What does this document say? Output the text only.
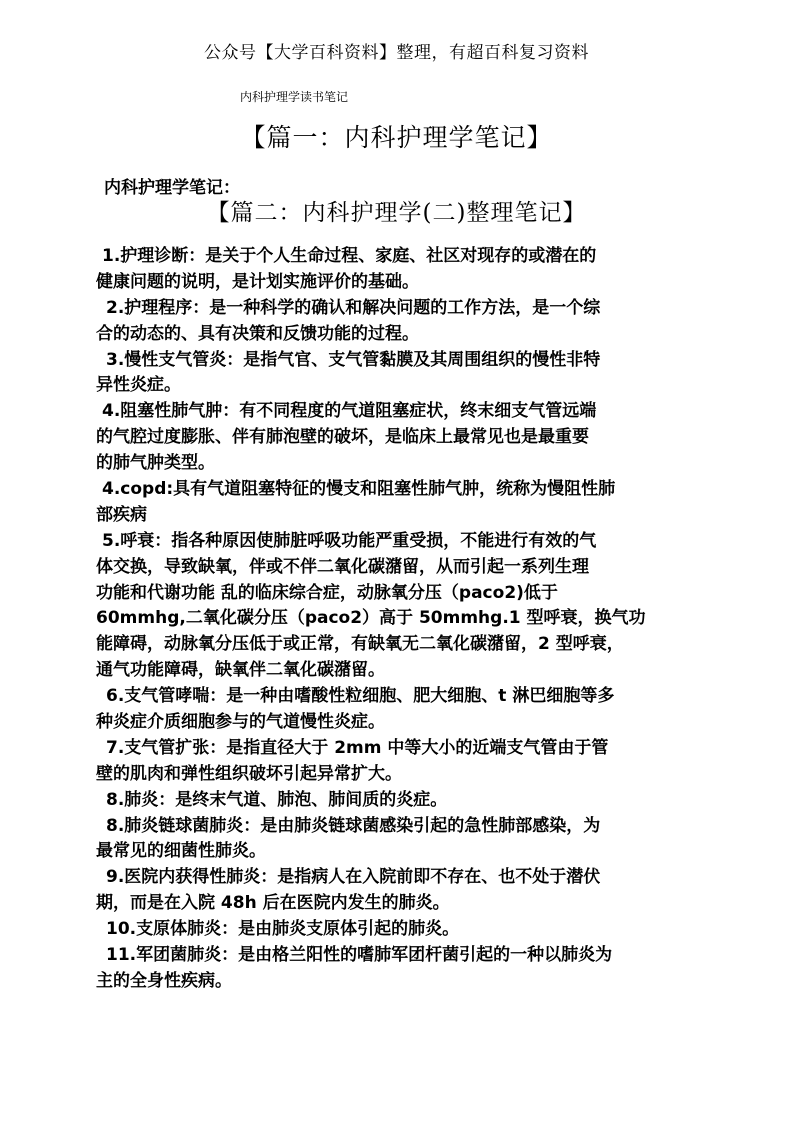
公众号【大学百科资料】整理，有超百科复习资料
内科护理学读书笔记
【篇一：内科护理学笔记】
内科护理学笔记：
【篇二：内科护理学(二)整理笔记】
1.护理诊断：是关于个人生命过程、家庭、社区对现存的或潜在的
健康问题的说明，是计划实施评价的基础。
2.护理程序：是一种科学的确认和解决问题的工作方法，是一个综
合的动态的、具有决策和反馈功能的过程。
3.慢性支气管炎：是指气官、支气管黏膜及其周围组织的慢性非特
异性炎症。
4.阻塞性肺气肿：有不同程度的气道阻塞症状，终末细支气管远端
的气腔过度膨胀、伴有肺泡壁的破坏，是临床上最常见也是最重要
的肺气肿类型。
4.copd:具有气道阻塞特征的慢支和阻塞性肺气肿，统称为慢阻性肺
部疾病
5.呼衰：指各种原因使肺脏呼吸功能严重受损，不能进行有效的气
体交换，导致缺氧，伴或不伴二氧化碳潴留，从而引起一系列生理
功能和代谢功能 乱的临床综合症，动脉氧分压（paco2)低于
60mmhg,二氧化碳分压（paco2）高于 50mmhg.1 型呼衰，换气功
能障碍，动脉氧分压低于或正常，有缺氧无二氧化碳潴留，2 型呼衰，
通气功能障碍，缺氧伴二氧化碳潴留。
6.支气管哮喘：是一种由嗜酸性粒细胞、肥大细胞、t 淋巴细胞等多
种炎症介质细胞参与的气道慢性炎症。
7.支气管扩张：是指直径大于 2mm 中等大小的近端支气管由于管
壁的肌肉和弹性组织破坏引起异常扩大。
8.肺炎：是终末气道、肺泡、肺间质的炎症。
8.肺炎链球菌肺炎：是由肺炎链球菌感染引起的急性肺部感染，为
最常见的细菌性肺炎。
9.医院内获得性肺炎：是指病人在入院前即不存在、也不处于潜伏
期，而是在入院 48h 后在医院内发生的肺炎。
10.支原体肺炎：是由肺炎支原体引起的肺炎。
11.军团菌肺炎：是由格兰阳性的嗜肺军团杆菌引起的一种以肺炎为
主的全身性疾病。
